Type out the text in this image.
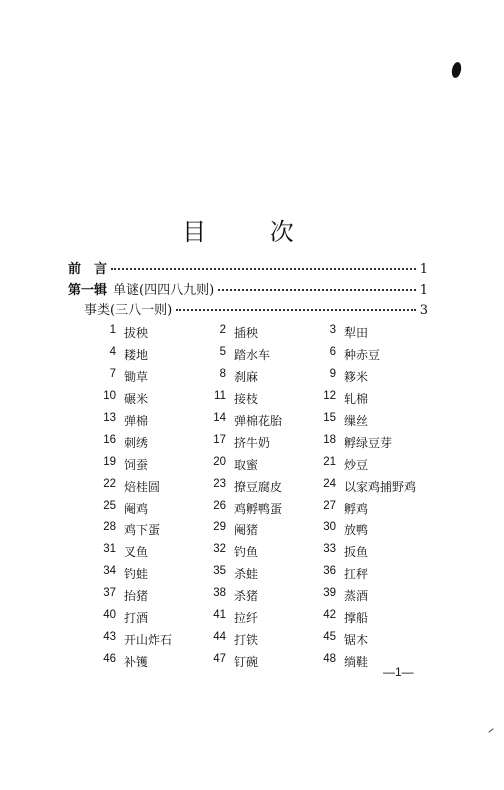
目 次
前　言	1
第一辑 单谜(四四八九则)	1
事类(三八一则)	3
1 拔秧	2 插秧	3 犁田
4 耧地	5 踏水车	6 种赤豆
7 锄草	8 刹麻	9 簃米
10 碾米	11 接枝	12 轧棉
13 弹棉	14 弹棉花胎	15 缫丝
16 刺绣	17 挤牛奶	18 孵绿豆芽
19 饲蚕	20 取蜜	21 炒豆
22 焙桂圆	23 撩豆腐皮	24 以家鸡捕野鸡
25 阉鸡	26 鸡孵鸭蛋	27 孵鸡
28 鸡下蛋	29 阉猪	30 放鸭
31 叉鱼	32 钓鱼	33 扳鱼
34 钓蛙	35 杀蛙	36 扛秤
37 抬猪	38 杀猪	39 蒸酒
40 打酒	41 拉纤	42 撑船
43 开山炸石	44 打铁	45 锯木
46 补镬	47 钉碗	48 绱鞋
—1—
